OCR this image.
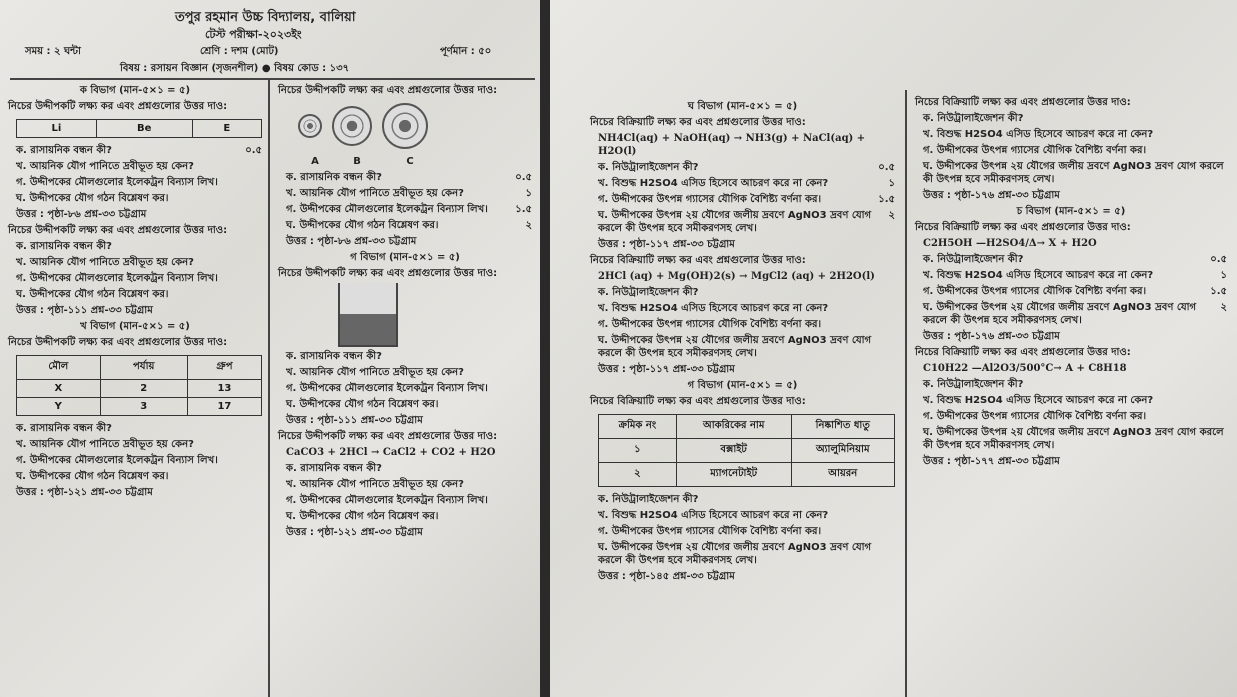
তপুর রহমান উচ্চ বিদ্যালয়, বালিয়া
টেস্ট পরীক্ষা-২০২৩ইং
শ্রেণি : দশম (মোট)
সময় : ২ ঘন্টা	পূর্ণমান : ৫০
বিষয় : রসায়ন বিজ্ঞান (সৃজনশীল) ● বিষয় কোড : ১৩৭
ক বিভাগ (মান-৫×১ = ৫)
নিচের উদ্দীপকটি লক্ষ্য কর এবং প্রশ্নগুলোর উত্তর দাও:
Li	Be	E
ক. রাসায়নিক বন্ধন কী?	০.৫
খ. আয়নিক যৌগ পানিতে দ্রবীভূত হয় কেন?
গ. উদ্দীপকের মৌলগুলোর ইলেকট্রন বিন্যাস লিখ।
ঘ. উদ্দীপকের যৌগ গঠন বিশ্লেষণ কর।
উত্তর : পৃষ্ঠা-৮৬ প্রশ্ন-৩৩ চট্টগ্রাম
নিচের উদ্দীপকটি লক্ষ্য কর এবং প্রশ্নগুলোর উত্তর দাও:
ক. রাসায়নিক বন্ধন কী?
খ. আয়নিক যৌগ পানিতে দ্রবীভূত হয় কেন?
গ. উদ্দীপকের মৌলগুলোর ইলেকট্রন বিন্যাস লিখ।
ঘ. উদ্দীপকের যৌগ গঠন বিশ্লেষণ কর।
উত্তর : পৃষ্ঠা-১১১ প্রশ্ন-৩৩ চট্টগ্রাম
খ বিভাগ (মান-৫×১ = ৫)
নিচের উদ্দীপকটি লক্ষ্য কর এবং প্রশ্নগুলোর উত্তর দাও:
মৌল	পর্যায়	গ্রুপ
X	2	13
Y	3	17
ক. রাসায়নিক বন্ধন কী?
খ. আয়নিক যৌগ পানিতে দ্রবীভূত হয় কেন?
গ. উদ্দীপকের মৌলগুলোর ইলেকট্রন বিন্যাস লিখ।
ঘ. উদ্দীপকের যৌগ গঠন বিশ্লেষণ কর।
উত্তর : পৃষ্ঠা-১২১ প্রশ্ন-৩৩ চট্টগ্রাম
নিচের উদ্দীপকটি লক্ষ্য কর এবং প্রশ্নগুলোর উত্তর দাও:
A	B	C
ক. রাসায়নিক বন্ধন কী?	০.৫
খ. আয়নিক যৌগ পানিতে দ্রবীভূত হয় কেন?	১
গ. উদ্দীপকের মৌলগুলোর ইলেকট্রন বিন্যাস লিখ।	১.৫
ঘ. উদ্দীপকের যৌগ গঠন বিশ্লেষণ কর।	২
উত্তর : পৃষ্ঠা-৮৬ প্রশ্ন-৩৩ চট্টগ্রাম
গ বিভাগ (মান-৫×১ = ৫)
নিচের উদ্দীপকটি লক্ষ্য কর এবং প্রশ্নগুলোর উত্তর দাও:
ক. রাসায়নিক বন্ধন কী?
খ. আয়নিক যৌগ পানিতে দ্রবীভূত হয় কেন?
গ. উদ্দীপকের মৌলগুলোর ইলেকট্রন বিন্যাস লিখ।
ঘ. উদ্দীপকের যৌগ গঠন বিশ্লেষণ কর।
উত্তর : পৃষ্ঠা-১১১ প্রশ্ন-৩৩ চট্টগ্রাম
নিচের উদ্দীপকটি লক্ষ্য কর এবং প্রশ্নগুলোর উত্তর দাও:
CaCO3 + 2HCl → CaCl2 + CO2 + H2O
ক. রাসায়নিক বন্ধন কী?
খ. আয়নিক যৌগ পানিতে দ্রবীভূত হয় কেন?
গ. উদ্দীপকের মৌলগুলোর ইলেকট্রন বিন্যাস লিখ।
ঘ. উদ্দীপকের যৌগ গঠন বিশ্লেষণ কর।
উত্তর : পৃষ্ঠা-১২১ প্রশ্ন-৩৩ চট্টগ্রাম
ঘ বিভাগ (মান-৫×১ = ৫)
নিচের বিক্রিয়াটি লক্ষ্য কর এবং প্রশ্নগুলোর উত্তর দাও:
NH4Cl(aq) + NaOH(aq) → NH3(g) + NaCl(aq) + H2O(l)
ক. নিউট্রালাইজেশন কী?	০.৫
খ. বিশুদ্ধ H2SO4 এসিড হিসেবে আচরণ করে না কেন?	১
গ. উদ্দীপকের উৎপন্ন গ্যাসের যৌগিক বৈশিষ্ট্য বর্ণনা কর।	১.৫
ঘ. উদ্দীপকের উৎপন্ন ২য় যৌগের জলীয় দ্রবণে AgNO3 দ্রবণ যোগ করলে কী উৎপন্ন হবে সমীকরণসহ লেখ।
২
উত্তর : পৃষ্ঠা-১১৭ প্রশ্ন-৩৩ চট্টগ্রাম
নিচের বিক্রিয়াটি লক্ষ্য কর এবং প্রশ্নগুলোর উত্তর দাও:
2HCl (aq) + Mg(OH)2(s) → MgCl2 (aq) + 2H2O(l)
ক. নিউট্রালাইজেশন কী?
খ. বিশুদ্ধ H2SO4 এসিড হিসেবে আচরণ করে না কেন?
গ. উদ্দীপকের উৎপন্ন গ্যাসের যৌগিক বৈশিষ্ট্য বর্ণনা কর।
ঘ. উদ্দীপকের উৎপন্ন ২য় যৌগের জলীয় দ্রবণে AgNO3 দ্রবণ যোগ করলে কী উৎপন্ন হবে সমীকরণসহ লেখ।
উত্তর : পৃষ্ঠা-১১৭ প্রশ্ন-৩৩ চট্টগ্রাম
গ বিভাগ (মান-৫×১ = ৫)
নিচের বিক্রিয়াটি লক্ষ্য কর এবং প্রশ্নগুলোর উত্তর দাও:
ক্রমিক নং	আকরিকের নাম	নিষ্কাশিত ধাতু
১	বক্সাইট	অ্যালুমিনিয়াম
২	ম্যাগনেটাইট	আয়রন
ক. নিউট্রালাইজেশন কী?
খ. বিশুদ্ধ H2SO4 এসিড হিসেবে আচরণ করে না কেন?
গ. উদ্দীপকের উৎপন্ন গ্যাসের যৌগিক বৈশিষ্ট্য বর্ণনা কর।
ঘ. উদ্দীপকের উৎপন্ন ২য় যৌগের জলীয় দ্রবণে AgNO3 দ্রবণ যোগ করলে কী উৎপন্ন হবে সমীকরণসহ লেখ।
উত্তর : পৃষ্ঠা-১৪৫ প্রশ্ন-৩৩ চট্টগ্রাম
নিচের বিক্রিয়াটি লক্ষ্য কর এবং প্রশ্নগুলোর উত্তর দাও:
ক. নিউট্রালাইজেশন কী?
খ. বিশুদ্ধ H2SO4 এসিড হিসেবে আচরণ করে না কেন?
গ. উদ্দীপকের উৎপন্ন গ্যাসের যৌগিক বৈশিষ্ট্য বর্ণনা কর।
ঘ. উদ্দীপকের উৎপন্ন ২য় যৌগের জলীয় দ্রবণে AgNO3 দ্রবণ যোগ করলে কী উৎপন্ন হবে সমীকরণসহ লেখ।
উত্তর : পৃষ্ঠা-১৭৬ প্রশ্ন-৩৩ চট্টগ্রাম
চ বিভাগ (মান-৫×১ = ৫)
নিচের বিক্রিয়াটি লক্ষ্য কর এবং প্রশ্নগুলোর উত্তর দাও:
C2H5OH —H2SO4/Δ→ X + H2O
ক. নিউট্রালাইজেশন কী?	০.৫
খ. বিশুদ্ধ H2SO4 এসিড হিসেবে আচরণ করে না কেন?	১
গ. উদ্দীপকের উৎপন্ন গ্যাসের যৌগিক বৈশিষ্ট্য বর্ণনা কর।	১.৫
ঘ. উদ্দীপকের উৎপন্ন ২য় যৌগের জলীয় দ্রবণে AgNO3 দ্রবণ যোগ করলে কী উৎপন্ন হবে সমীকরণসহ লেখ।
২
উত্তর : পৃষ্ঠা-১৭৬ প্রশ্ন-৩৩ চট্টগ্রাম
নিচের বিক্রিয়াটি লক্ষ্য কর এবং প্রশ্নগুলোর উত্তর দাও:
C10H22 —Al2O3/500°C→ A + C8H18
ক. নিউট্রালাইজেশন কী?
খ. বিশুদ্ধ H2SO4 এসিড হিসেবে আচরণ করে না কেন?
গ. উদ্দীপকের উৎপন্ন গ্যাসের যৌগিক বৈশিষ্ট্য বর্ণনা কর।
ঘ. উদ্দীপকের উৎপন্ন ২য় যৌগের জলীয় দ্রবণে AgNO3 দ্রবণ যোগ করলে কী উৎপন্ন হবে সমীকরণসহ লেখ।
উত্তর : পৃষ্ঠা-১৭৭ প্রশ্ন-৩৩ চট্টগ্রাম
